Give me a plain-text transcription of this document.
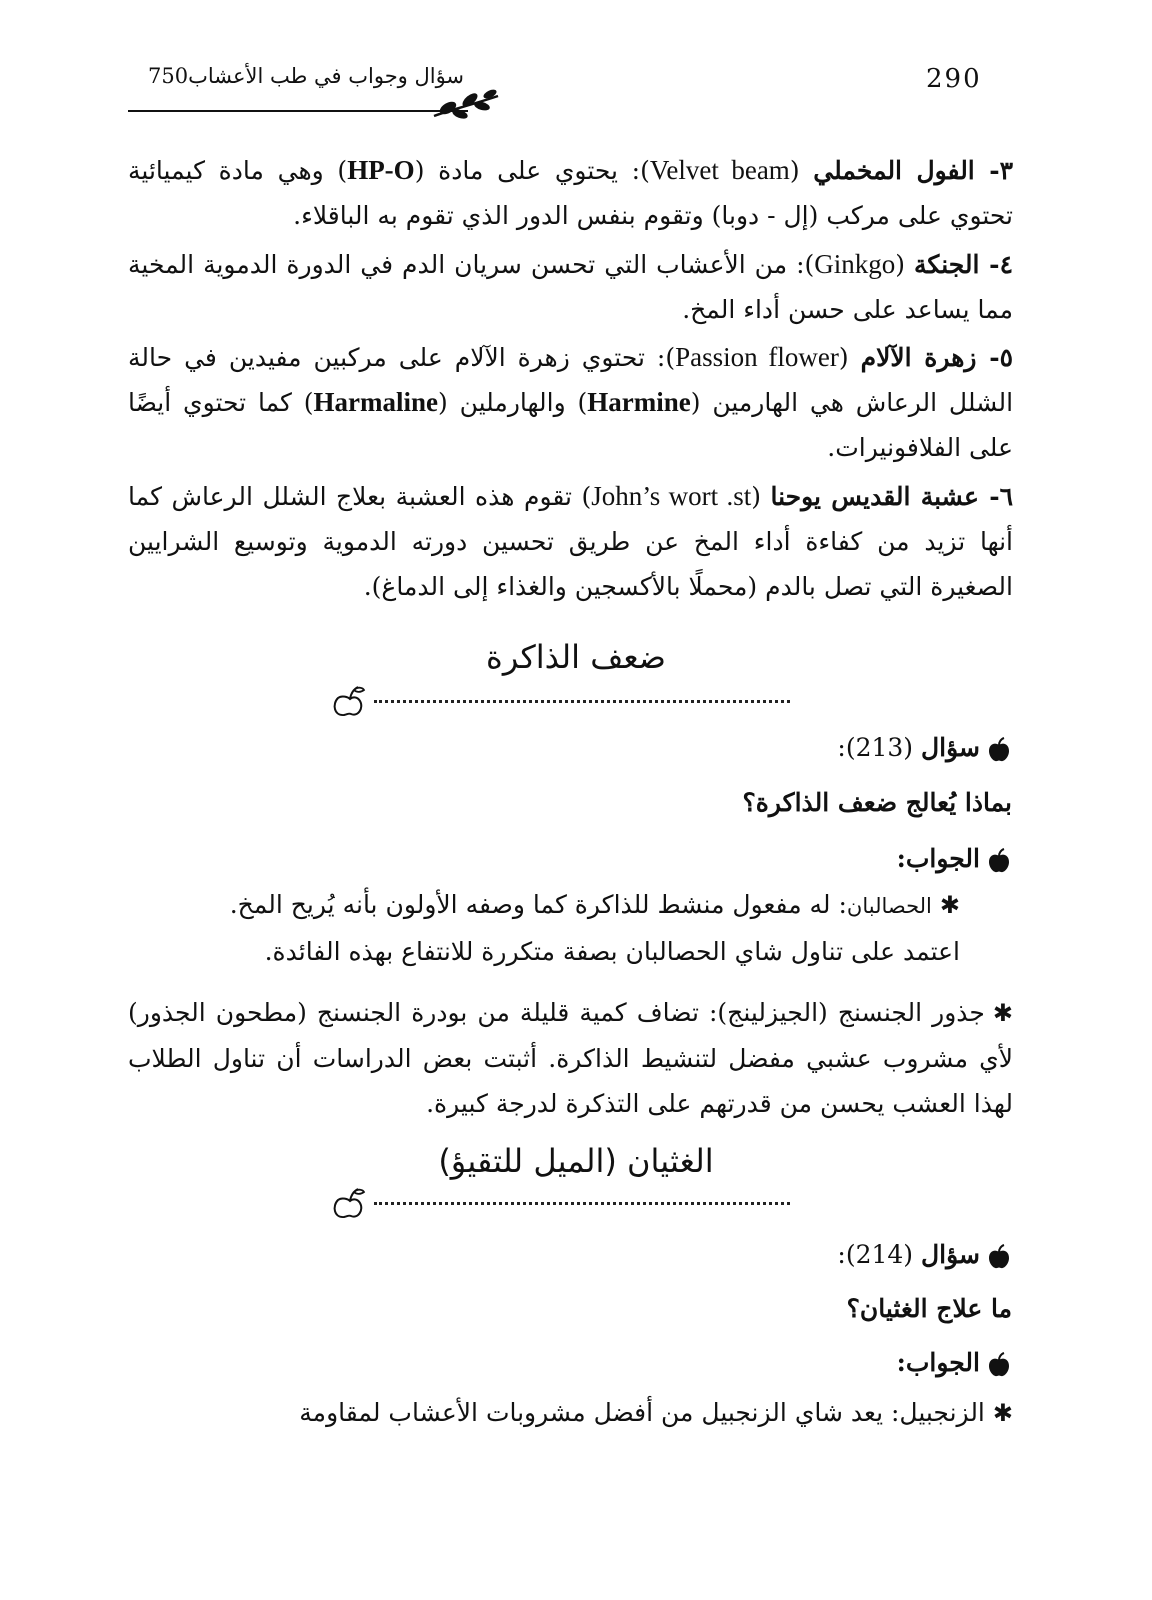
290
سؤال وجواب في طب الأعشاب750
٣- الفول المخملي (Velvet beam): يحتوي على مادة (HP-O) وهي مادة كيميائية تحتوي على مركب (إل - دوبا) وتقوم بنفس الدور الذي تقوم به الباقلاء.
٤- الجنكة (Ginkgo): من الأعشاب التي تحسن سريان الدم في الدورة الدموية المخية مما يساعد على حسن أداء المخ.
٥- زهرة الآلام (Passion flower): تحتوي زهرة الآلام على مركبين مفيدين في حالة الشلل الرعاش هي الهارمين (Harmine) والهارملين (Harmaline) كما تحتوي أيضًا على الفلافونيرات.
٦- عشبة القديس يوحنا (John’s wort .st) تقوم هذه العشبة بعلاج الشلل الرعاش كما أنها تزيد من كفاءة أداء المخ عن طريق تحسين دورته الدموية وتوسيع الشرايين الصغيرة التي تصل بالدم (محملًا بالأكسجين والغذاء إلى الدماغ).
ضعف الذاكرة
سؤال (213):
بماذا يُعالج ضعف الذاكرة؟
الجواب:
✱الحصالبان: له مفعول منشط للذاكرة كما وصفه الأولون بأنه يُريح المخ.
اعتمد على تناول شاي الحصالبان بصفة متكررة للانتفاع بهذه الفائدة.
✱جذور الجنسنج (الجيزلينج): تضاف كمية قليلة من بودرة الجنسنج (مطحون الجذور) لأي مشروب عشبي مفضل لتنشيط الذاكرة. أثبتت بعض الدراسات أن تناول الطلاب لهذا العشب يحسن من قدرتهم على التذكرة لدرجة كبيرة.
الغثيان (الميل للتقيؤ)
سؤال (214):
ما علاج الغثيان؟
الجواب:
✱الزنجبيل: يعد شاي الزنجبيل من أفضل مشروبات الأعشاب لمقاومة
